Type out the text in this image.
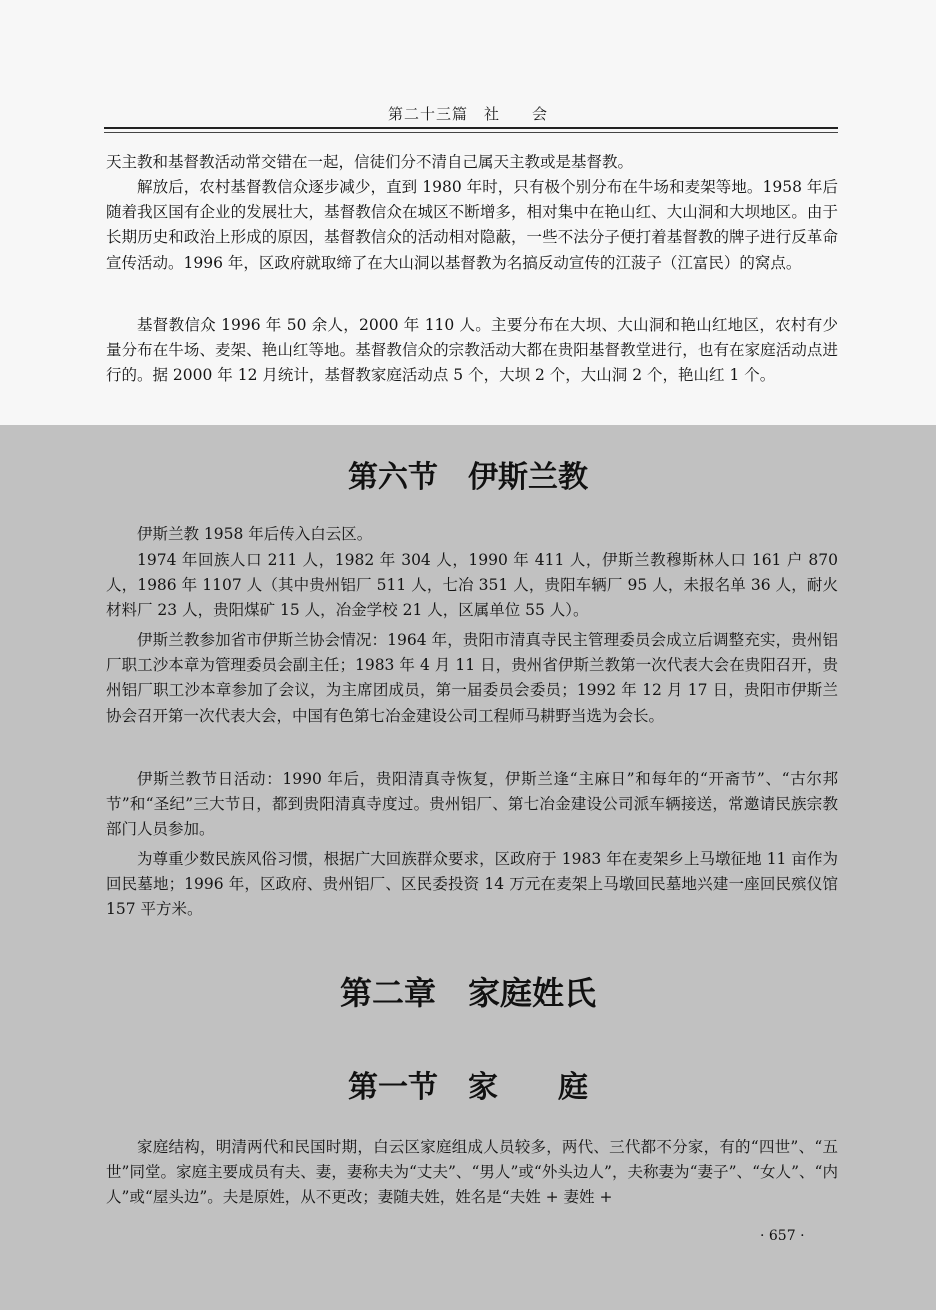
第二十三篇　社　　会

天主教和基督教活动常交错在一起，信徒们分不清自己属天主教或是基督教。

解放后，农村基督教信众逐步减少，直到 1980 年时，只有极个别分布在牛场和麦架等地。1958 年后随着我区国有企业的发展壮大，基督教信众在城区不断增多，相对集中在艳山红、大山洞和大坝地区。由于长期历史和政治上形成的原因，基督教信众的活动相对隐蔽，一些不法分子便打着基督教的牌子进行反革命宣传活动。1996 年，区政府就取缔了在大山洞以基督教为名搞反动宣传的江菠子（江富民）的窝点。

基督教信众 1996 年 50 余人，2000 年 110 人。主要分布在大坝、大山洞和艳山红地区，农村有少量分布在牛场、麦架、艳山红等地。基督教信众的宗教活动大都在贵阳基督教堂进行，也有在家庭活动点进行的。据 2000 年 12 月统计，基督教家庭活动点 5 个，大坝 2 个，大山洞 2 个，艳山红 1 个。

第六节　伊斯兰教

伊斯兰教 1958 年后传入白云区。

1974 年回族人口 211 人，1982 年 304 人，1990 年 411 人，伊斯兰教穆斯林人口 161 户 870 人，1986 年 1107 人（其中贵州铝厂 511 人，七冶 351 人，贵阳车辆厂 95 人，未报名单 36 人，耐火材料厂 23 人，贵阳煤矿 15 人，冶金学校 21 人，区属单位 55 人）。

伊斯兰教参加省市伊斯兰协会情况：1964 年，贵阳市清真寺民主管理委员会成立后调整充实，贵州铝厂职工沙本章为管理委员会副主任；1983 年 4 月 11 日，贵州省伊斯兰教第一次代表大会在贵阳召开，贵州铝厂职工沙本章参加了会议，为主席团成员，第一届委员会委员；1992 年 12 月 17 日，贵阳市伊斯兰协会召开第一次代表大会，中国有色第七冶金建设公司工程师马耕野当选为会长。

伊斯兰教节日活动：1990 年后，贵阳清真寺恢复，伊斯兰逢“主麻日”和每年的“开斋节”、“古尔邦节”和“圣纪”三大节日，都到贵阳清真寺度过。贵州铝厂、第七冶金建设公司派车辆接送，常邀请民族宗教部门人员参加。

为尊重少数民族风俗习惯，根据广大回族群众要求，区政府于 1983 年在麦架乡上马墩征地 11 亩作为回民墓地；1996 年，区政府、贵州铝厂、区民委投资 14 万元在麦架上马墩回民墓地兴建一座回民殡仪馆 157 平方米。

第二章　家庭姓氏
第一节　家　　庭

家庭结构，明清两代和民国时期，白云区家庭组成人员较多，两代、三代都不分家，有的“四世”、“五世”同堂。家庭主要成员有夫、妻，妻称夫为“丈夫”、“男人”或“外头边人”，夫称妻为“妻子”、“女人”、“内人”或“屋头边”。夫是原姓，从不更改；妻随夫姓，姓名是“夫姓 + 妻姓 +

· 657 ·
